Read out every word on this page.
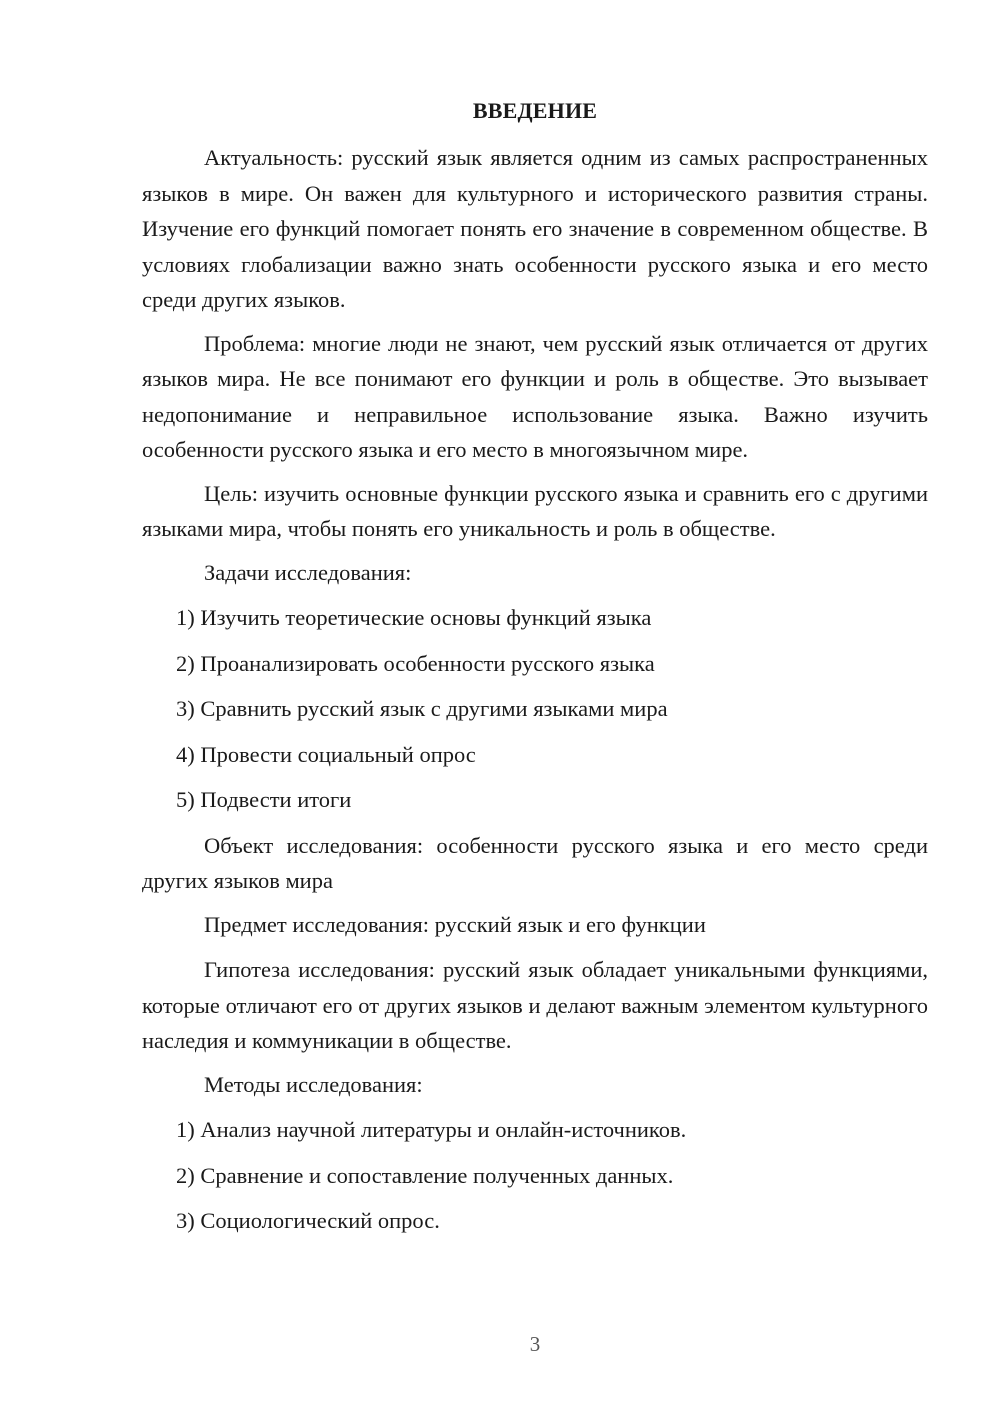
ВВЕДЕНИЕ

Актуальность: русский язык является одним из самых распространенных языков в мире. Он важен для культурного и исторического развития страны. Изучение его функций помогает понять его значение в современном обществе. В условиях глобализации важно знать особенности русского языка и его место среди других языков.

Проблема: многие люди не знают, чем русский язык отличается от других языков мира. Не все понимают его функции и роль в обществе. Это вызывает недопонимание и неправильное использование языка. Важно изучить особенности русского языка и его место в многоязычном мире.

Цель: изучить основные функции русского языка и сравнить его с другими языками мира, чтобы понять его уникальность и роль в обществе.

Задачи исследования:

1) Изучить теоретические основы функций языка
2) Проанализировать особенности русского языка
3) Сравнить русский язык с другими языками мира
4) Провести социальный опрос
5) Подвести итоги

Объект исследования: особенности русского языка и его место среди других языков мира

Предмет исследования: русский язык и его функции

Гипотеза исследования: русский язык обладает уникальными функциями, которые отличают его от других языков и делают важным элементом культурного наследия и коммуникации в обществе.

Методы исследования:

1) Анализ научной литературы и онлайн-источников.
2) Сравнение и сопоставление полученных данных.
3) Социологический опрос.
3
